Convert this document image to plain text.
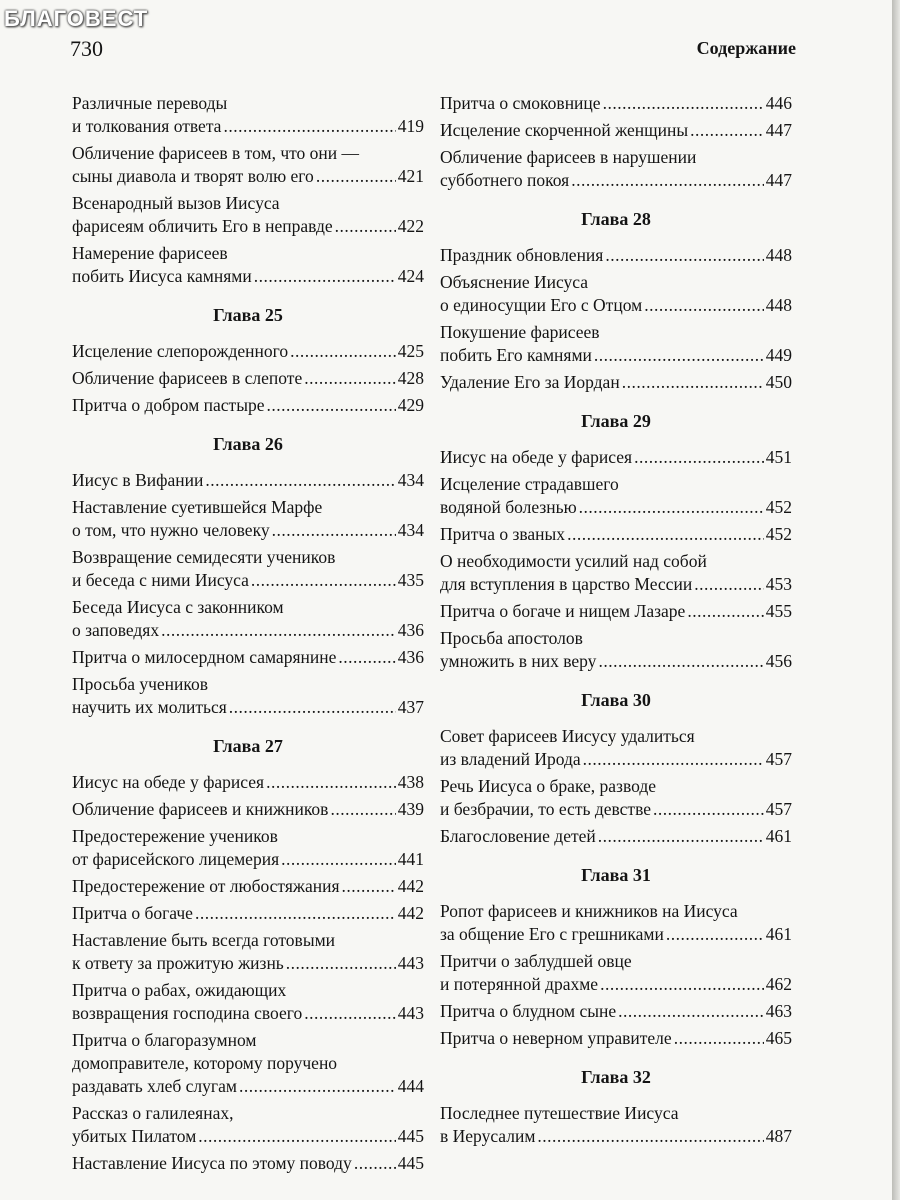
БЛАГОВЕСТ
730	Содержание
Различные переводы
и толкования ответа .....	419
Обличение фарисеев в том, что они —
сыны диавола и творят волю его .....	421
Всенародный вызов Иисуса
фарисеям обличить Его в неправде .....	422
Намерение фарисеев
побить Иисуса камнями .....	424
Глава 25
Исцеление слепорожденного .....	425
Обличение фарисеев в слепоте .....	428
Притча о добром пастыре .....	429
Глава 26
Иисус в Вифании .....	434
Наставление суетившейся Марфе
о том, что нужно человеку .....	434
Возвращение семидесяти учеников
и беседа с ними Иисуса .....	435
Беседа Иисуса с законником
о заповедях .....	436
Притча о милосердном самарянине .....	436
Просьба учеников
научить их молиться .....	437
Глава 27
Иисус на обеде у фарисея .....	438
Обличение фарисеев и книжников .....	439
Предостережение учеников
от фарисейского лицемерия .....	441
Предостережение от любостяжания .....	442
Притча о богаче .....	442
Наставление быть всегда готовыми
к ответу за прожитую жизнь .....	443
Притча о рабах, ожидающих
возвращения господина своего .....	443
Притча о благоразумном
домоправителе, которому поручено
раздавать хлеб слугам .....	444
Рассказ о галилеянах,
убитых Пилатом .....	445
Наставление Иисуса по этому поводу .....	445
Притча о смоковнице .....	446
Исцеление скорченной женщины .....	447
Обличение фарисеев в нарушении
субботнего покоя .....	447
Глава 28
Праздник обновления .....	448
Объяснение Иисуса
о единосущии Его с Отцом .....	448
Покушение фарисеев
побить Его камнями .....	449
Удаление Его за Иордан .....	450
Глава 29
Иисус на обеде у фарисея .....	451
Исцеление страдавшего
водяной болезнью .....	452
Притча о званых .....	452
О необходимости усилий над собой
для вступления в царство Мессии .....	453
Притча о богаче и нищем Лазаре .....	455
Просьба апостолов
умножить в них веру .....	456
Глава 30
Совет фарисеев Иисусу удалиться
из владений Ирода .....	457
Речь Иисуса о браке, разводе
и безбрачии, то есть девстве .....	457
Благословение детей .....	461
Глава 31
Ропот фарисеев и книжников на Иисуса
за общение Его с грешниками .....	461
Притчи о заблудшей овце
и потерянной драхме .....	462
Притча о блудном сыне .....	463
Притча о неверном управителе .....	465
Глава 32
Последнее путешествие Иисуса
в Иерусалим .....	487
